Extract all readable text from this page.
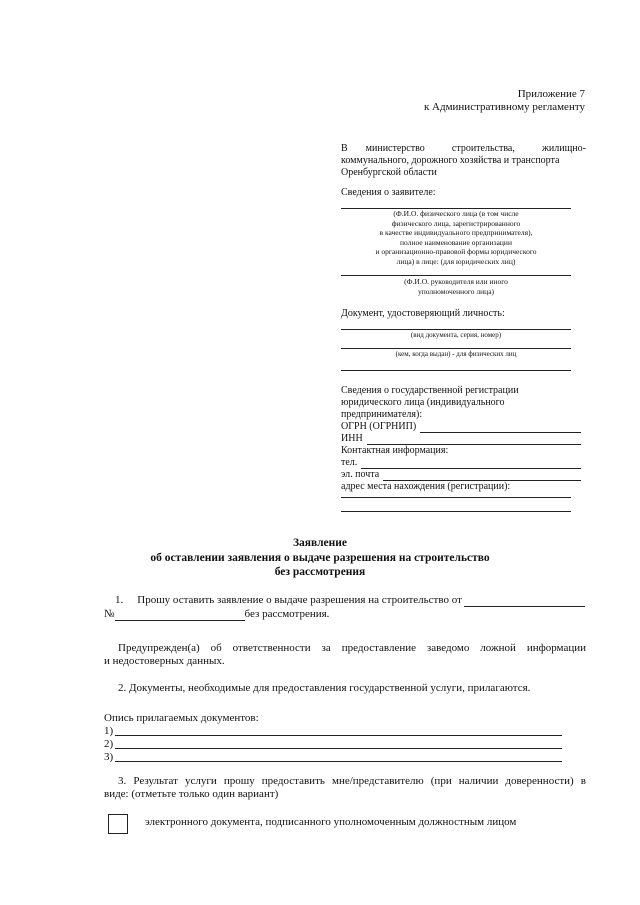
Приложение 7
к Административному регламенту
В министерство строительства, жилищно-
коммунального, дорожного хозяйства и транспорта
Оренбургской области
Сведения о заявителе:
(Ф.И.О. физического лица (в том числе
физического лица, зарегистрированного
в качестве индивидуального предпринимателя),
полное наименование организации
и организационно-правовой формы юридического
лица) в лице: (для юридических лиц)
(Ф.И.О. руководителя или иного
уполномоченного лица)
Документ, удостоверяющий личность:
(вид документа, серия, номер)
(кем, когда выдан) - для физических лиц
Сведения о государственной регистрации
юридического лица (индивидуального
предпринимателя):
ОГРН (ОГРНИП)
ИНН
Контактная информация:
тел.
эл. почта
адрес места нахождения (регистрации):
Заявление
об оставлении заявления о выдаче разрешения на строительство
без рассмотрения
1. Прошу оставить заявление о выдаче разрешения на строительство от
№	без рассмотрения.
Предупрежден(а) об ответственности за предоставление заведомо ложной информации
и недостоверных данных.
2. Документы, необходимые для предоставления государственной услуги, прилагаются.
Опись прилагаемых документов:
1)
2)
3)
3. Результат услуги прошу предоставить мне/представителю (при наличии доверенности) в
виде: (отметьте только один вариант)
электронного документа, подписанного уполномоченным должностным лицом
